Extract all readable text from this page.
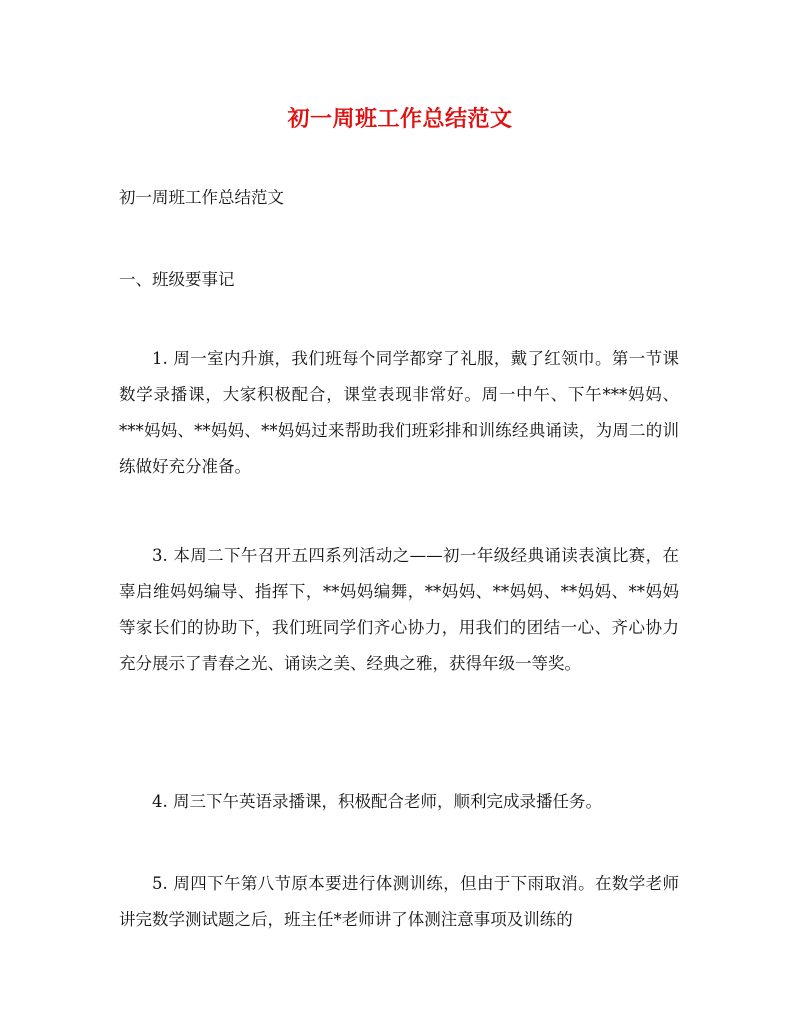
初一周班工作总结范文

初一周班工作总结范文

一、班级要事记

1. 周一室内升旗，我们班每个同学都穿了礼服，戴了红领巾。第一节课数学录播课，大家积极配合，课堂表现非常好。周一中午、下午***妈妈、***妈妈、**妈妈、**妈妈过来帮助我们班彩排和训练经典诵读，为周二的训练做好充分准备。

3. 本周二下午召开五四系列活动之——初一年级经典诵读表演比赛，在辜启维妈妈编导、指挥下，**妈妈编舞，**妈妈、**妈妈、**妈妈、**妈妈等家长们的协助下，我们班同学们齐心协力，用我们的团结一心、齐心协力充分展示了青春之光、诵读之美、经典之雅，获得年级一等奖。

4. 周三下午英语录播课，积极配合老师，顺利完成录播任务。

5. 周四下午第八节原本要进行体测训练，但由于下雨取消。在数学老师讲完数学测试题之后，班主任*老师讲了体测注意事项及训练的
